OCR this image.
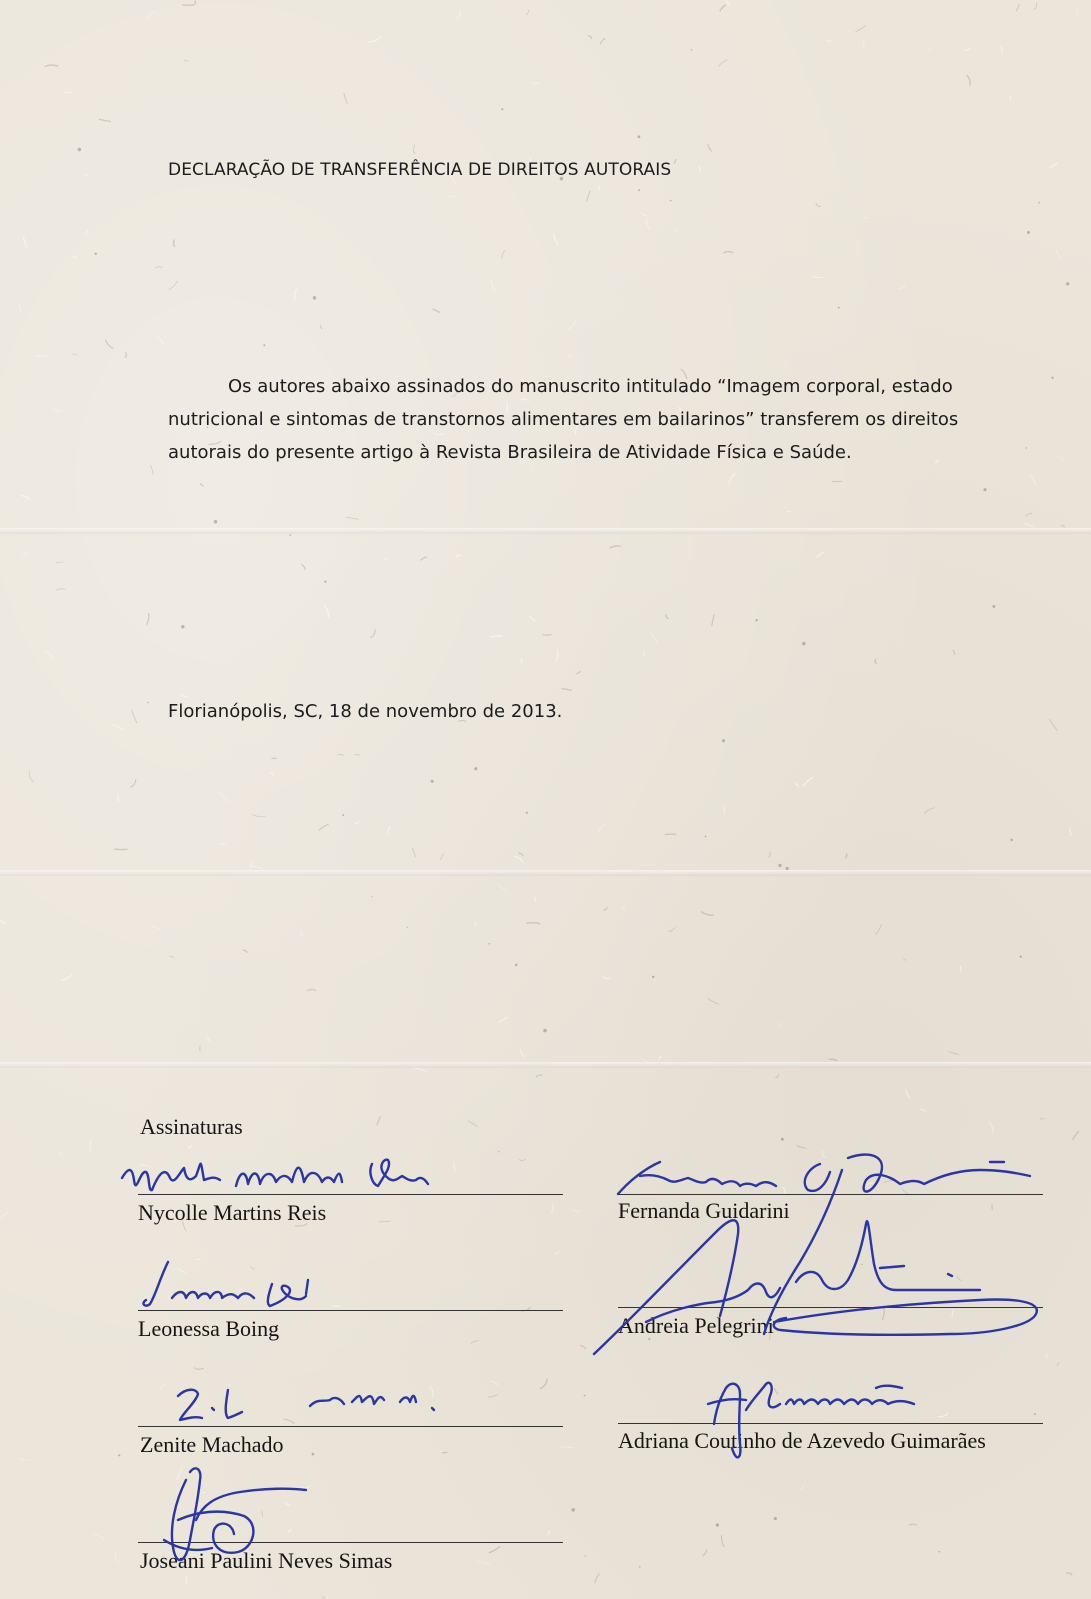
DECLARAÇÃO DE TRANSFERÊNCIA DE DIREITOS AUTORAIS
Os autores abaixo assinados do manuscrito intitulado “Imagem corporal, estado nutricional e sintomas de transtornos alimentares em bailarinos” transferem os direitos autorais do presente artigo à Revista Brasileira de Atividade Física e Saúde.
Florianópolis, SC, 18 de novembro de 2013.
Assinaturas
Nycolle Martins Reis	Fernanda Guidarini
Leonessa Boing	Andreia Pelegrini
Zenite Machado	Adriana Coutinho de Azevedo Guimarães
Joseani Paulini Neves Simas
